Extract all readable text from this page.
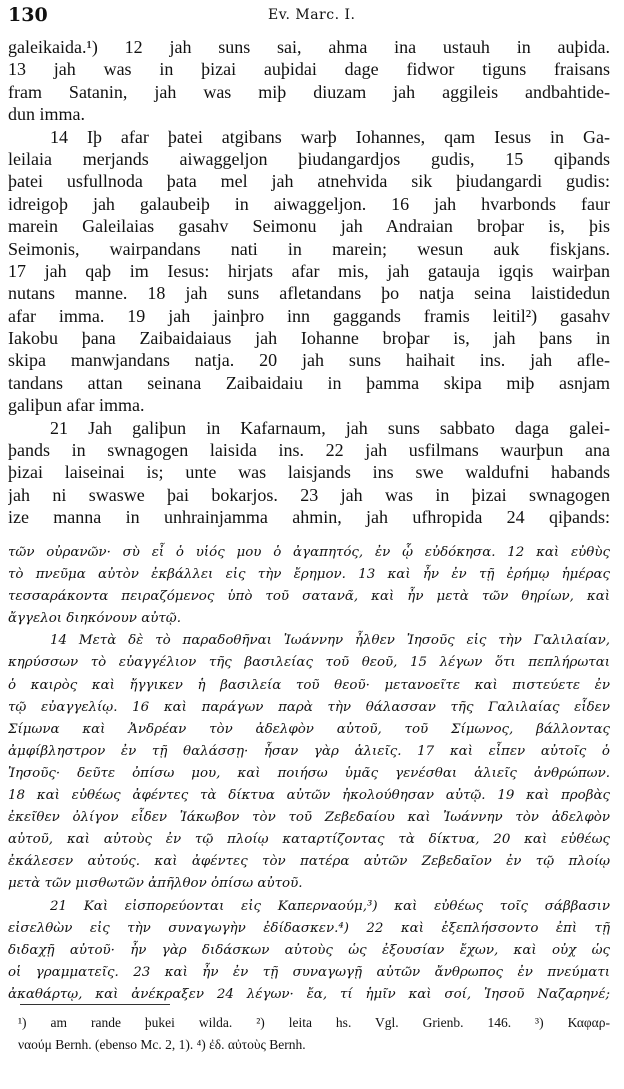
130	Ev. Marc. I.
galeikaida.¹) 12 jah suns sai, ahma ina ustauh in auþida.
13 jah was in þizai auþidai dage fidwor tiguns fraisans
fram Satanin, jah was miþ diuzam jah aggileis andbahtide-
dun imma.
14 Iþ afar þatei atgibans warþ Iohannes, qam Iesus in Ga-
leilaia merjands aiwaggeljon þiudangardjos gudis, 15 qiþands
þatei usfullnoda þata mel jah atnehvida sik þiudangardi gudis:
idreigoþ jah galaubeiþ in aiwaggeljon. 16 jah hvarbonds faur
marein Galeilaias gasahv Seimonu jah Andraian broþar is, þis
Seimonis, wairpandans nati in marein; wesun auk fiskjans.
17 jah qaþ im Iesus: hirjats afar mis, jah gatauja igqis wairþan
nutans manne. 18 jah suns afletandans þo natja seina laistidedun
afar imma. 19 jah jainþro inn gaggands framis leitil²) gasahv
Iakobu þana Zaibaidaiaus jah Iohanne broþar is, jah þans in
skipa manwjandans natja. 20 jah suns haihait ins. jah afle-
tandans attan seinana Zaibaidaiu in þamma skipa miþ asnjam
galiþun afar imma.
21 Jah galiþun in Kafarnaum, jah suns sabbato daga galei-
þands in swnagogen laisida ins. 22 jah usfilmans waurþun ana
þizai laiseinai is; unte was laisjands ins swe waldufni habands
jah ni swaswe þai bokarjos. 23 jah was in þizai swnagogen
ize manna in unhrainjamma ahmin, jah ufhropida 24 qiþands:
τῶν οὐρανῶν· σὺ εἶ ὁ υἱός μου ὁ ἀγαπητός, ἐν ᾧ εὐδόκησα. 12 καὶ εὐθὺς
τὸ πνεῦμα αὐτὸν ἐκβάλλει εἰς τὴν ἔρημον. 13 καὶ ἦν ἐν τῇ ἐρήμῳ ἡμέρας
τεσσαράκοντα πειραζόμενος ὑπὸ τοῦ σατανᾶ, καὶ ἦν μετὰ τῶν θηρίων, καὶ
ἄγγελοι διηκόνουν αὐτῷ.
14 Μετὰ δὲ τὸ παραδοθῆναι Ἰωάννην ἦλθεν Ἰησοῦς εἰς τὴν Γαλιλαίαν,
κηρύσσων τὸ εὐαγγέλιον τῆς βασιλείας τοῦ θεοῦ, 15 λέγων ὅτι πεπλήρωται
ὁ καιρὸς καὶ ἤγγικεν ἡ βασιλεία τοῦ θεοῦ· μετανοεῖτε καὶ πιστεύετε ἐν
τῷ εὐαγγελίῳ. 16 καὶ παράγων παρὰ τὴν θάλασσαν τῆς Γαλιλαίας εἶδεν
Σίμωνα καὶ Ἀνδρέαν τὸν ἀδελφὸν αὐτοῦ, τοῦ Σίμωνος, βάλλοντας
ἀμφίβληστρον ἐν τῇ θαλάσσῃ· ἦσαν γὰρ ἁλιεῖς. 17 καὶ εἶπεν αὐτοῖς ὁ
Ἰησοῦς· δεῦτε ὀπίσω μου, καὶ ποιήσω ὑμᾶς γενέσθαι ἁλιεῖς ἀνθρώπων.
18 καὶ εὐθέως ἀφέντες τὰ δίκτυα αὐτῶν ἠκολούθησαν αὐτῷ. 19 καὶ προβὰς
ἐκεῖθεν ὀλίγον εἶδεν Ἰάκωβον τὸν τοῦ Ζεβεδαίου καὶ Ἰωάννην τὸν ἀδελφὸν
αὐτοῦ, καὶ αὐτοὺς ἐν τῷ πλοίῳ καταρτίζοντας τὰ δίκτυα, 20 καὶ εὐθέως
ἐκάλεσεν αὐτούς. καὶ ἀφέντες τὸν πατέρα αὐτῶν Ζεβεδαῖον ἐν τῷ πλοίῳ
μετὰ τῶν μισθωτῶν ἀπῆλθον ὀπίσω αὐτοῦ.
21 Καὶ εἰσπορεύονται εἰς Καπερναούμ,³) καὶ εὐθέως τοῖς σάββασιν
εἰσελθὼν εἰς τὴν συναγωγὴν ἐδίδασκεν.⁴) 22 καὶ ἐξεπλήσσοντο ἐπὶ τῇ
διδαχῇ αὐτοῦ· ἦν γὰρ διδάσκων αὐτοὺς ὡς ἐξουσίαν ἔχων, καὶ οὐχ ὡς
οἱ γραμματεῖς. 23 καὶ ἦν ἐν τῇ συναγωγῇ αὐτῶν ἄνθρωπος ἐν πνεύματι
ἀκαθάρτῳ, καὶ ἀνέκραξεν 24 λέγων· ἔα, τί ἡμῖν καὶ σοί, Ἰησοῦ Ναζαρηνέ;
¹) am rande þukei wilda. ²) leita hs. Vgl. Grienb. 146. ³) Καφαρ-
ναούμ Bernh. (ebenso Mc. 2, 1). ⁴) ἐδ. αὐτοὺς Bernh.
